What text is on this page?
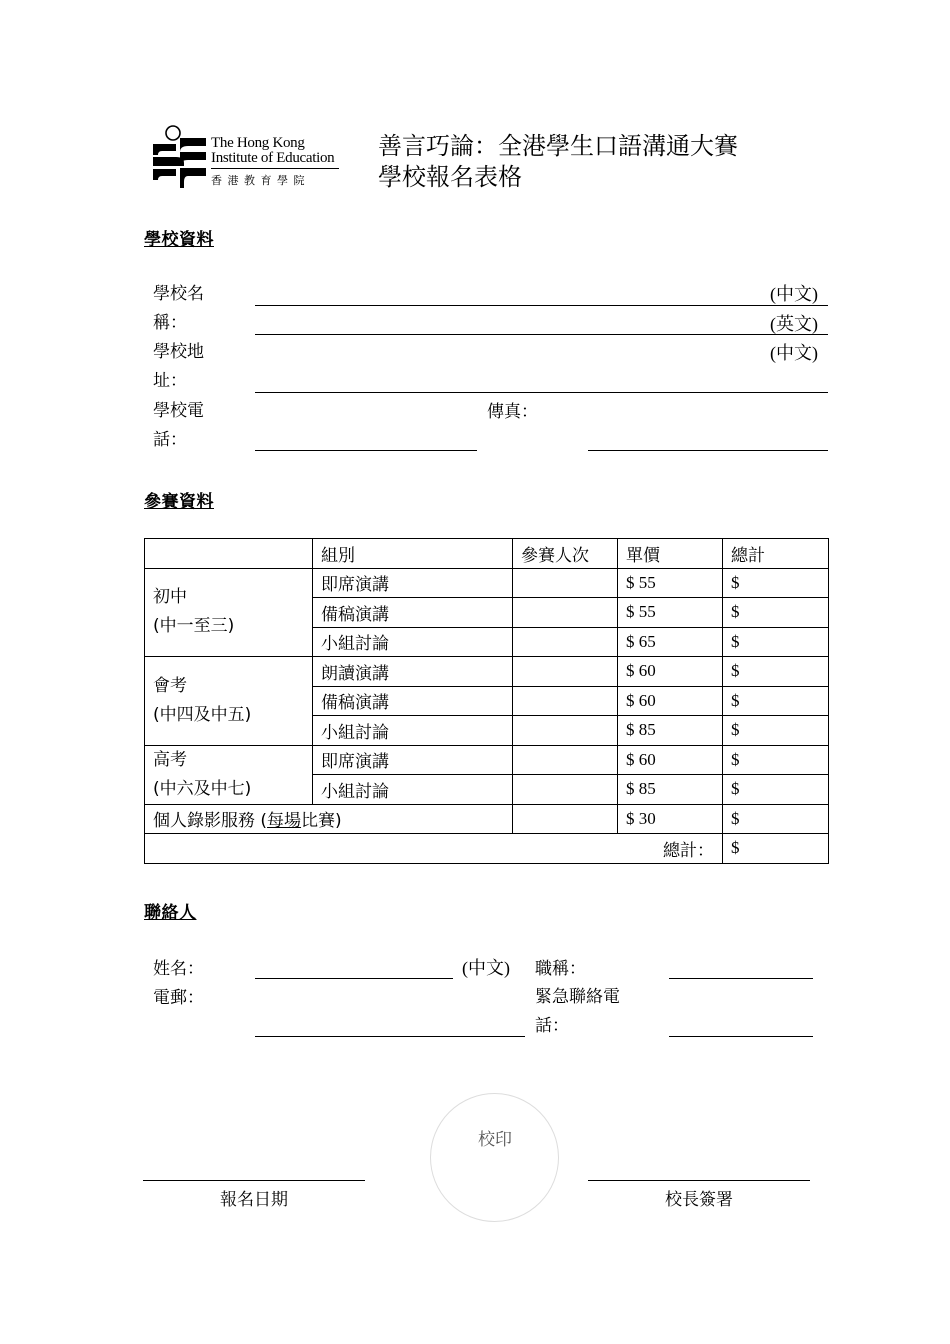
The Hong Kong
Institute of Education
香 港 教 育 學 院
善言巧論：全港學生口語溝通大賽
學校報名表格
學校資料
學校名
稱：
(中文)
(英文)
學校地
址：
(中文)
學校電
話：
傳真：
參賽資料
	組別	參賽人次	單價	總計

初中
(中一至三)	即席演講		$ 55	$
	備稿演講		$ 55	$
	小組討論		$ 65	$

會考
(中四及中五)	朗讀演講		$ 60	$
	備稿演講		$ 60	$
	小組討論		$ 85	$

高考
(中六及中七)	即席演講		$ 60	$
	小組討論		$ 85	$
個人錄影服務 (每場比賽)			$ 30	$
總計：				$
聯絡人
姓名：	(中文) 職稱：
電郵：	緊急聯絡電
話：
校印
報名日期	校長簽署
